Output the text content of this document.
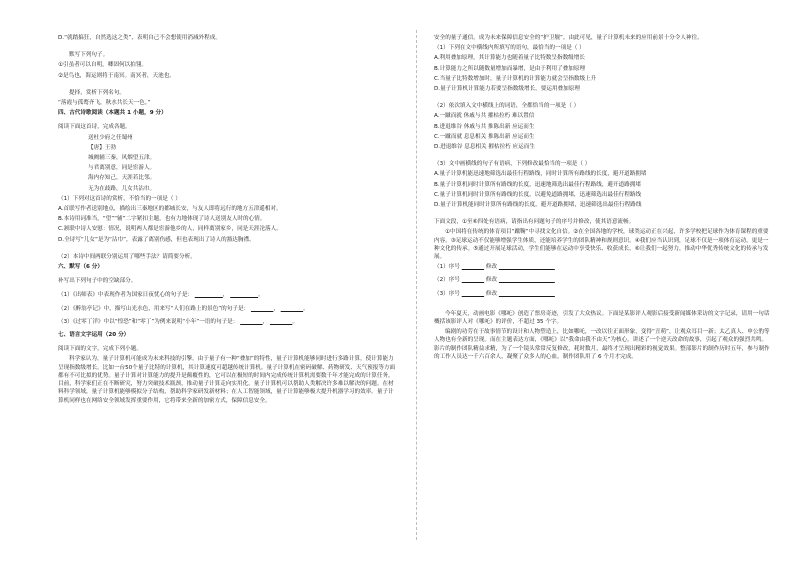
D.“就踏搞狂，自然选这之类”，表明自己不会想使用消减外程成。

默写下列句子。

①引虽者可以自明，卿固何以拍翎。

②是鸟也，海运则将于南冥。南冥者，天池也。

提择，赏析下列名句。

“落霞与孤鹜齐飞，秋水共长天一色。”

四、古代诗歌阅读（本题共 1 小题，9 分）

阅读下面这首诗，完成各题。

送杜少府之任蜀州

【唐】王勃

城阙辅三秦，风烟望五津。

与君离别意，同是宦游人。

海内存知己，天涯若比邻。

无为在歧路，儿女共沾巾。

（1）下列对这首诗的赏析，不恰当的一项是（ ）

A.首联写作者送别地点，描绘出三秦地区的都城长安，与友人即将远行的地方五津遥相对。

B.本诗用词准当，“望”“辅”二字紧扣主题，也有力地体现了诗人送别友人时的心情。

C.颔联中诗人安慰：情况，说明两人都是宦游他乡的人，同样离别家乡，同是天涯沦落人。

D.全诗写“儿女”是为“沾巾”，表露了离别伤感，但也表现出了诗人的豁达胸襟。

（2）本诗中间两联分别运用了哪些手法？请简要分析。

六、默写（6 分）

补写出下列句子中的空缺部分。

（1）《出师表》中表现作者为国家日夜忧心的句子是： 　　　　　	， 　　　　　	。

（2）《醉翁亭记》中，描写山光水色，用来写“人们在路上的景色”的句子是： 　　　　	， 　　　　	。

（3）《过零丁洋》中以“惶恐”和“零丁”为例来说明“小年”一语的句子是： 　　　　	， 　　　　	。

七、语言文字运用（20 分）

阅读下面的文字，完成下列小题。

科学家认为，量子计算机可能成为未来科技的引擎。由于量子有一种“叠加”的特性，量子计算机能够同时进行多路计算，使计算能力呈现指数级增长。比如一台50个量子比特的计算机，其计算速度可超越传统计算机。量子计算机在密码破解、药物研发、天气预报等方面都有不可比拟的优势。量子计算对计算能力的提升是颠覆性的，它可以在极短的时间内完成传统计算机需要数千年才能完成的计算任务。目前，科学家们正在不断研究，努力突破技术瓶颈，推动量子计算走向实用化。量子计算机可以帮助人类解决许多难以解决的问题。在材料科学领域，量子计算机能够模拟分子结构，帮助科学家研发新材料；在人工智能领域，量子计算能够极大提升机器学习的效率。量子计算机同样也在网络安全领域发挥重要作用，它将带来全新的加密方式，保障信息安全。

安全的量子通信，成为未来保障信息安全的“护卫舰”。由此可见，量子计算机未来的应用前景十分令人神往。

（1）下列在文中横线内所填写的语句，最恰当的一项是（ ）

A.利用叠加原理，其计算能力也随着量子比特数呈指数级增长

B.计算能力之所以随数量增加而暴增，是由于利用了叠加原理

C.当量子比特数增加时，量子计算机的计算能力就会呈指数级上升

D.量子计算机计算能力若要呈指数级增长，要运用叠加原理

（2）依次填入文中横线上的词语，全都恰当的一项是（ ）

A.一蹴而就 休戚与共 摧枯拉朽 难以置信

B.进退维谷 休戚与共 推陈出新 应运而生

C.一蹴而就 息息相关 推陈出新 应运而生

D.进退维谷 息息相关 摧枯拉朽 应运而生

（3）文中画横线的句子有语病，下列修改最恰当的一项是（ ）

A.量子计算机能迅速地筛选出最佳行程路线，同时计算所有路线的长度，避开道路拥堵

B.量子计算机同时计算所有路线的长度，迅速地筛选出最佳行程路线，避开道路拥堵

C.量子计算机同时计算所有路线的长度，以避免道路拥堵，迅速筛选出最佳行程路线

D.量子计算机能同时计算所有路线的长度，避开道路拥堵，迅速筛选出最佳行程路线

下面文段，①至⑥四处有语病，请指出有问题句子的序号并修改，使其语意流畅。

①中国将在传统的体育项目“蹴鞠”中寻找文化自信。②在全国各地的学校，球类运动正在兴起，许多学校把足球作为体育课程的重要内容。③足球运动不仅能够增强学生体质，还能培养学生的团队精神和规则意识。④我们应当认识到，足球不仅是一项体育运动，更是一种文化的传承。⑤通过开展足球活动，学生们能够在运动中享受快乐、收获成长。⑥让我们一起努力，推动中华优秀传统文化的传承与发展。

（1）序号 　　　　	修改 　　　　　　　　　　

（2）序号 　　　　	修改 　　　　　　　　　　

（3）序号 　　　　	修改 　　　　　　　　　　

今年夏天，动画电影《哪吒》创造了票房奇迹，引发了大众热议。下面是某影评人观影后接受新闻媒体采访的文字记录，请用一句话概括该影评人对《哪吒》的评价，不超过 35 个字。

编剧的功劳在于故事情节的设计和人物塑造上，比如哪吒，一改以往正面形象，变得“丑萌”，让观众耳目一新；太乙真人、申公豹等人物也有全新的呈现。而在主题表达方面，《哪吒》以“我命由我不由天”为核心，讲述了一个逆天改命的故事，引起了观众的强烈共鸣。影片的制作团队精益求精，为了一个镜头常常反复修改，耗时数月，最终才呈现出精彩的视觉效果。整部影片的制作历时五年，参与制作的工作人员达一千六百余人，凝聚了众多人的心血，制作团队用了 6 个月才完成。
